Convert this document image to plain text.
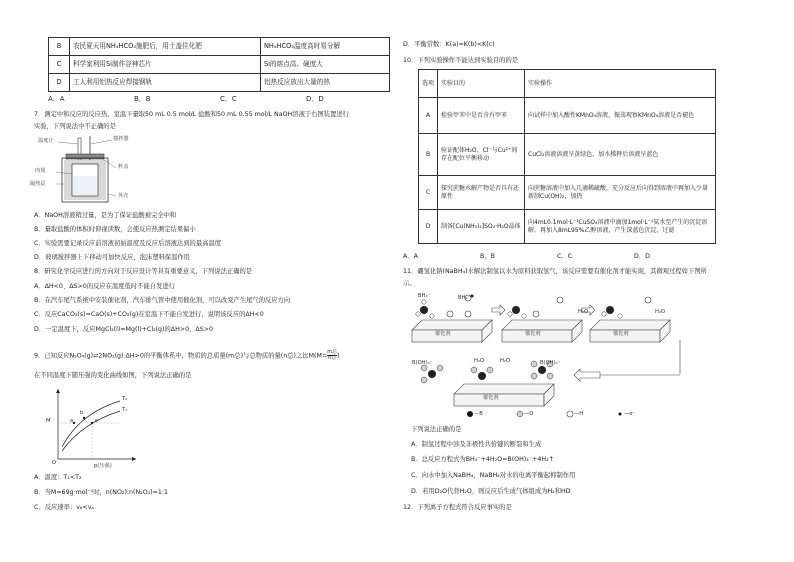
B	农民夏天用NH₄HCO₃施肥后，用土盖住化肥	NH₄HCO₃温度高时易分解
C	科学家利用Si制作谷神芯片	Si的熔点高、硬度大
D	工人利用铝热反应焊接钢轨	铝热反应放出大量的热
A．A	B．B	C．C	D．D
7．测定中和反应的反应热，室温下量取50 mL 0.5 mol/L 盐酸和50 mL 0.55 mol/L NaOH溶液于右图装置进行
实验，下列说法中不正确的是
温度计	搅拌器
内筒
隔热层
杯盖
外壳
A．NaOH溶液稍过量，是为了保证盐酸被完全中和
B．量取盐酸的体积时仰视读数，会使反应热测定结果偏小
C．实验需要记录反应前溶液初始温度及反应后溶液达到的最高温度
D．玻璃搅拌器上下移动可加快反应，泡沫塑料保温作用
8．研究化学反应进行的方向对于反应设计等具有重要意义，下列说法正确的是
A．ΔH<0、ΔS>0的反应在温度低时不能自发进行
B．在汽车尾气系统中安装催化剂，汽车排气管中使用催化剂，可以改变产生尾气的反应方向
C．反应CaCO₃(s)=CaO(s)+CO₂(g)在室温下不能自发进行，说明该反应的ΔH<0
D．一定温度下，反应MgCl₂(l)=Mg(l)+Cl₂(g)的ΔH>0、ΔS>0
9．已知反应N₂O₄(g)⇌2NO₂(g) ΔH>0的平衡体系中，物质的总质量(m总)与总物质的量(n总)之比M(M=
m总
n总 )
在不同温度下随压强的变化曲线如图，下列说法正确的是
M
p(压强)
O
T₂
T₁
a
b
c
A．温度：T₁<T₂
B．当M=69g·mol⁻¹时，n(NO₂):n(N₂O₄)=1:1
C．反应速率：vᵦ<vₐ
D．平衡常数：K(a)=K(b)<K(c)
10．下列实验操作不能达到实验目的的是
选项	实验目的	实验操作
A	检验甲苯中是否含有甲苯	向试样中加入酸性KMnO₄溶液，振荡观察KMnO₄溶液是否褪色
B	验证配体H₂O、Cl⁻与Cu²⁺间存在配位平衡移动	CuCl₂溶液溶液呈黄绿色，加水稀释后溶液呈蓝色
C	探究蔗糖水解产物是否具有还原性	向蔗糖溶液中加入几滴稀硫酸，充分反应后向得到溶液中再加入少量新制Cu(OH)₂，加热
D	制备[Cu(NH₃)₄]SO₄·H₂O晶体	向4mL0.1mol·L⁻¹CuSO₄溶液中滴加1mol·L⁻¹氨水至产生的沉淀溶解，再加入8mL95%乙醇溶液，产生深蓝色沉淀，过滤
A．A	B．B	C．C	D．D
11．硼氢化钠(NaBH₄)水解法制氢以水为原料获取氢气，该反应需要有催化剂才能实现，其微观过程如下图所
示。
BH₄⁻	BH₄⁻
催化剂	催化剂	催化剂
催化剂
H₂O	H₂O
H₂O	H₂O
B(OH)₃⁻	B(OH)₄⁻
—B	—O	—H	—e⁻
下列说法正确的是
A．制氢过程中涉及非极性共价键的断裂和生成
B．总反应方程式为BH₄⁻+4H₂O=B(OH)₄⁻+4H₂↑
C．向水中加入NaBH₄，NaBH₄对水的电离平衡起抑制作用
D．若用D₂O代替H₂O，则反应后生成气体组成为H₂和HD
12．下列离子方程式符合反应事实的是
